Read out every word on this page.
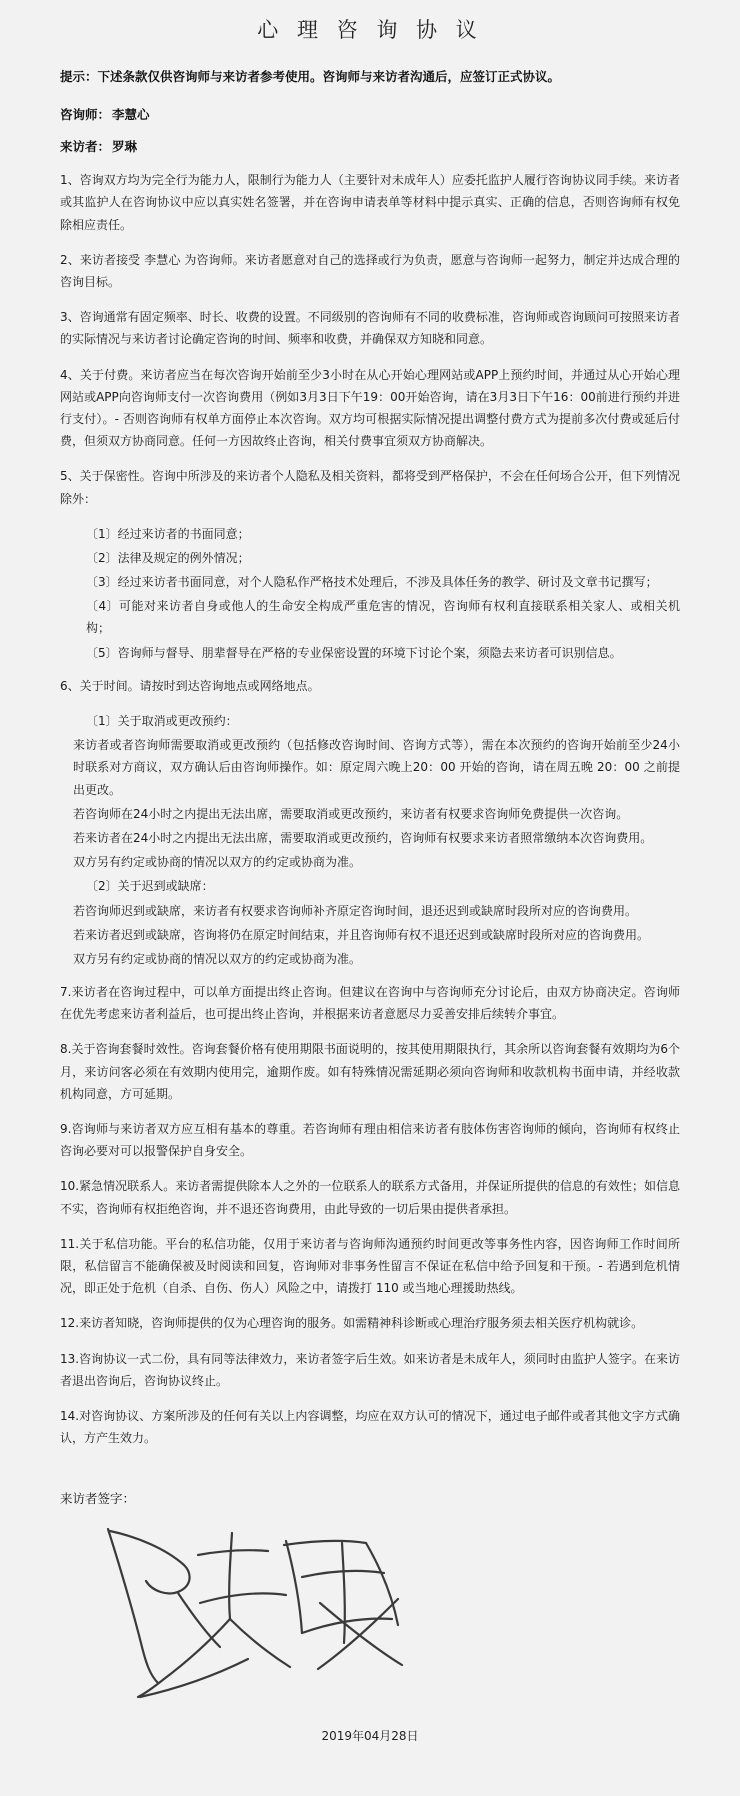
心 理 咨 询 协 议

提示：下述条款仅供咨询师与来访者参考使用。咨询师与来访者沟通后，应签订正式协议。

咨询师： 李慧心

来访者： 罗琳

1、咨询双方均为完全行为能力人，限制行为能力人（主要针对未成年人）应委托监护人履行咨询协议同手续。来访者或其监护人在咨询协议中应以真实姓名签署，并在咨询申请表单等材料中提示真实、正确的信息，否则咨询师有权免除相应责任。

2、来访者接受 李慧心 为咨询师。来访者愿意对自己的选择或行为负责，愿意与咨询师一起努力，制定并达成合理的咨询目标。

3、咨询通常有固定频率、时长、收费的设置。不同级别的咨询师有不同的收费标准，咨询师或咨询顾问可按照来访者的实际情况与来访者讨论确定咨询的时间、频率和收费，并确保双方知晓和同意。

4、关于付费。来访者应当在每次咨询开始前至少3小时在从心开始心理网站或APP上预约时间，并通过从心开始心理网站或APP向咨询师支付一次咨询费用（例如3月3日下午19：00开始咨询，请在3月3日下午16：00前进行预约并进行支付）。- 否则咨询师有权单方面停止本次咨询。双方均可根据实际情况提出调整付费方式为提前多次付费或延后付费，但须双方协商同意。任何一方因故终止咨询，相关付费事宜须双方协商解决。

5、关于保密性。咨询中所涉及的来访者个人隐私及相关资料，都将受到严格保护，不会在任何场合公开，但下列情况除外：

〔1〕经过来访者的书面同意；

〔2〕法律及规定的例外情况；

〔3〕经过来访者书面同意，对个人隐私作严格技术处理后，不涉及具体任务的教学、研讨及文章书记撰写；

〔4〕可能对来访者自身或他人的生命安全构成严重危害的情况，咨询师有权利直接联系相关家人、或相关机构；

〔5〕咨询师与督导、朋辈督导在严格的专业保密设置的环境下讨论个案，须隐去来访者可识别信息。

6、关于时间。请按时到达咨询地点或网络地点。

〔1〕关于取消或更改预约：

来访者或者咨询师需要取消或更改预约（包括修改咨询时间、咨询方式等），需在本次预约的咨询开始前至少24小时联系对方商议，双方确认后由咨询师操作。如：原定周六晚上20：00 开始的咨询，请在周五晚 20：00 之前提出更改。

若咨询师在24小时之内提出无法出席，需要取消或更改预约，来访者有权要求咨询师免费提供一次咨询。

若来访者在24小时之内提出无法出席，需要取消或更改预约，咨询师有权要求来访者照常缴纳本次咨询费用。

双方另有约定或协商的情况以双方的约定或协商为准。

〔2〕关于迟到或缺席：

若咨询师迟到或缺席，来访者有权要求咨询师补齐原定咨询时间，退还迟到或缺席时段所对应的咨询费用。

若来访者迟到或缺席，咨询将仍在原定时间结束，并且咨询师有权不退还迟到或缺席时段所对应的咨询费用。

双方另有约定或协商的情况以双方的约定或协商为准。

7.来访者在咨询过程中，可以单方面提出终止咨询。但建议在咨询中与咨询师充分讨论后，由双方协商决定。咨询师在优先考虑来访者利益后，也可提出终止咨询，并根据来访者意愿尽力妥善安排后续转介事宜。

8.关于咨询套餐时效性。咨询套餐价格有使用期限书面说明的，按其使用期限执行，其余所以咨询套餐有效期均为6个月，来访问客必须在有效期内使用完，逾期作废。如有特殊情况需延期必须向咨询师和收款机构书面申请，并经收款机构同意，方可延期。

9.咨询师与来访者双方应互相有基本的尊重。若咨询师有理由相信来访者有肢体伤害咨询师的倾向，咨询师有权终止咨询必要对可以报警保护自身安全。

10.紧急情况联系人。来访者需提供除本人之外的一位联系人的联系方式备用，并保证所提供的信息的有效性；如信息不实，咨询师有权拒绝咨询，并不退还咨询费用，由此导致的一切后果由提供者承担。

11.关于私信功能。平台的私信功能，仅用于来访者与咨询师沟通预约时间更改等事务性内容，因咨询师工作时间所限，私信留言不能确保被及时阅读和回复，咨询师对非事务性留言不保证在私信中给予回复和干预。- 若遇到危机情况，即正处于危机（自杀、自伤、伤人）风险之中，请拨打 110 或当地心理援助热线。

12.来访者知晓，咨询师提供的仅为心理咨询的服务。如需精神科诊断或心理治疗服务须去相关医疗机构就诊。

13.咨询协议一式二份，具有同等法律效力，来访者签字后生效。如来访者是未成年人，须同时由监护人签字。在来访者退出咨询后，咨询协议终止。

14.对咨询协议、方案所涉及的任何有关以上内容调整，均应在双方认可的情况下，通过电子邮件或者其他文字方式确认，方产生效力。

来访者签字：

2019年04月28日
